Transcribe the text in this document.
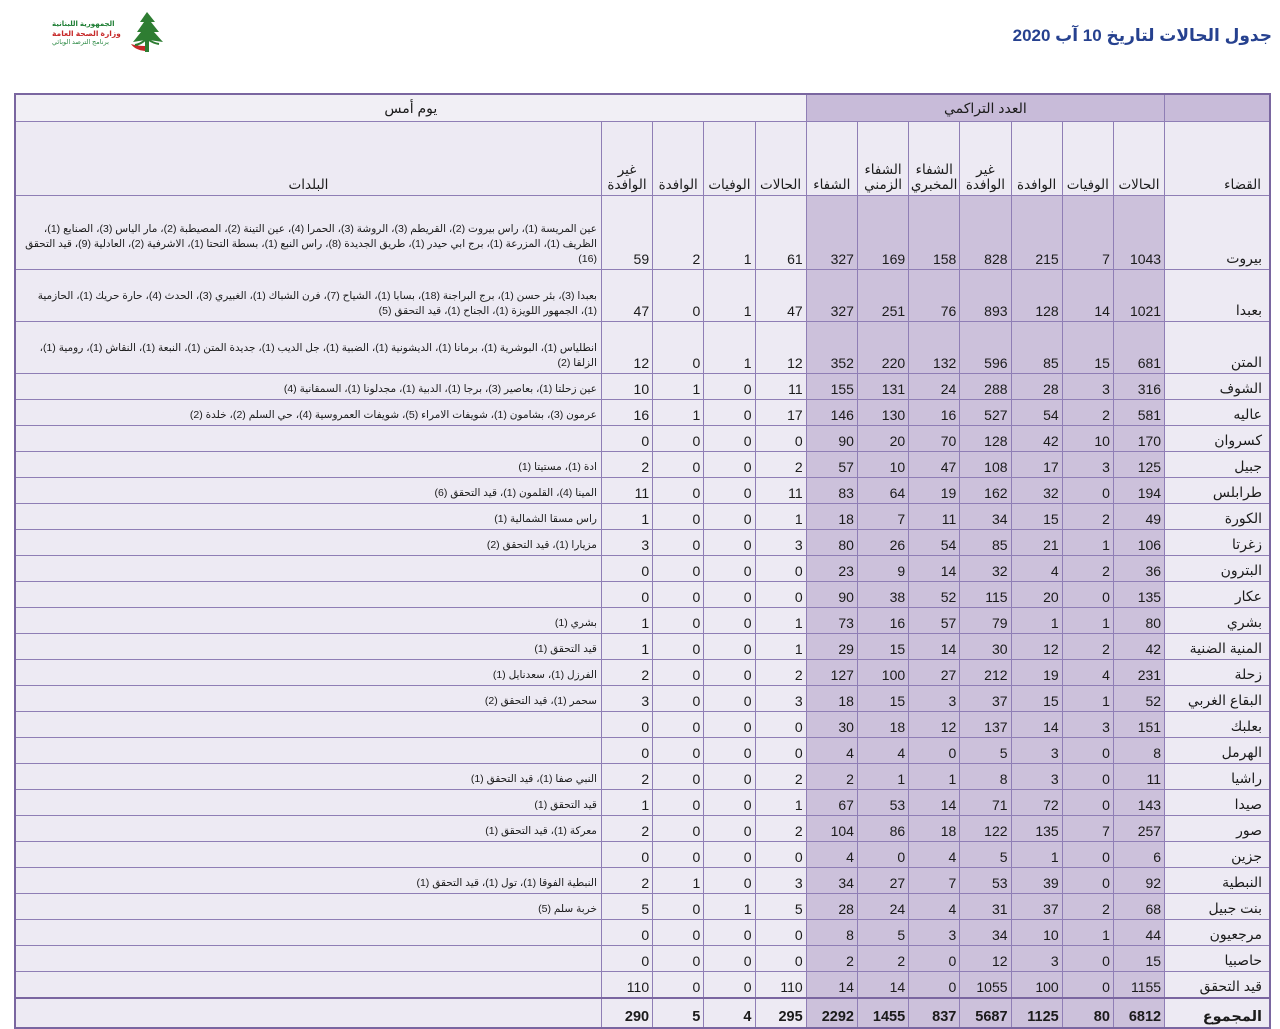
الجمهورية اللبنانية
وزارة الصحة العامة
برنامج الترصد الوبائي	جدول الحالات لتاريخ 10 آب 2020
	العدد التراكمي							يوم أمس				
القضاء	الحالات	الوفيات	الوافدة	غير الوافدة	الشفاء المخبري	الشفاء الزمني	الشفاء	الحالات	الوفيات	الوافدة	غير الوافدة	البلدات
بيروت	1043	7	215	828	158	169	327	61	1	2	59	عين المريسة (1)، راس بيروت (2)، القريطم (3)، الروشة (3)، الحمرا (4)، عين التينة (2)، المصيطبة (2)، مار الياس (3)، الصنايع (1)، الظريف (1)، المزرعة (1)، برج ابي حيدر (1)، طريق الجديدة (8)، راس النبع (1)، بسطة التحتا (1)، الاشرفية (2)، العادلية (9)، قيد التحقق (16)
بعبدا	1021	14	128	893	76	251	327	47	1	0	47	بعبدا (3)، بئر حسن (1)، برج البراجنة (18)، بسابا (1)، الشياح (7)، فرن الشباك (1)، الغبيري (3)، الحدث (4)، حارة حريك (1)، الحازمية (1)، الجمهور اللويزة (1)، الجناح (1)، قيد التحقق (5)
المتن	681	15	85	596	132	220	352	12	1	0	12	انطلياس (1)، البوشرية (1)، برمانا (1)، الديشونية (1)، الضبية (1)، جل الديب (1)، جديدة المتن (1)، النبعة (1)، النقاش (1)، رومية (1)، الزلقا (2)
الشوف	316	3	28	288	24	131	155	11	0	1	10	عين زحلتا (1)، بعاصير (3)، برجا (1)، الدبية (1)، مجدلونا (1)، السمقانية (4)
عاليه	581	2	54	527	16	130	146	17	0	1	16	عرمون (3)، بشامون (1)، شويفات الامراء (5)، شويفات العمروسية (4)، حي السلم (2)، خلدة (2)
كسروان	170	10	42	128	70	20	90	0	0	0	0	
جبيل	125	3	17	108	47	10	57	2	0	0	2	ادة (1)، مستيتا (1)
طرابلس	194	0	32	162	19	64	83	11	0	0	11	المينا (4)، القلمون (1)، قيد التحقق (6)
الكورة	49	2	15	34	11	7	18	1	0	0	1	راس مسقا الشمالية (1)
زغرتا	106	1	21	85	54	26	80	3	0	0	3	مزيارا (1)، قيد التحقق (2)
البترون	36	2	4	32	14	9	23	0	0	0	0	
عكار	135	0	20	115	52	38	90	0	0	0	0	
بشري	80	1	1	79	57	16	73	1	0	0	1	بشري (1)
المنية الضنية	42	2	12	30	14	15	29	1	0	0	1	قيد التحقق (1)
زحلة	231	4	19	212	27	100	127	2	0	0	2	الفرزل (1)، سعدنايل (1)
البقاع الغربي	52	1	15	37	3	15	18	3	0	0	3	سحمر (1)، قيد التحقق (2)
بعلبك	151	3	14	137	12	18	30	0	0	0	0	
الهرمل	8	0	3	5	0	4	4	0	0	0	0	
راشيا	11	0	3	8	1	1	2	2	0	0	2	النبي صفا (1)، قيد التحقق (1)
صيدا	143	0	72	71	14	53	67	1	0	0	1	قيد التحقق (1)
صور	257	7	135	122	18	86	104	2	0	0	2	معركة (1)، قيد التحقق (1)
جزين	6	0	1	5	4	0	4	0	0	0	0	
النبطية	92	0	39	53	7	27	34	3	0	1	2	النبطية الفوقا (1)، تول (1)، قيد التحقق (1)
بنت جبيل	68	2	37	31	4	24	28	5	1	0	5	خربة سلم (5)
مرجعيون	44	1	10	34	3	5	8	0	0	0	0	
حاصبيا	15	0	3	12	0	2	2	0	0	0	0	
قيد التحقق	1155	0	100	1055	0	14	14	110	0	0	110	
المجموع	6812	80	1125	5687	837	1455	2292	295	4	5	290	
